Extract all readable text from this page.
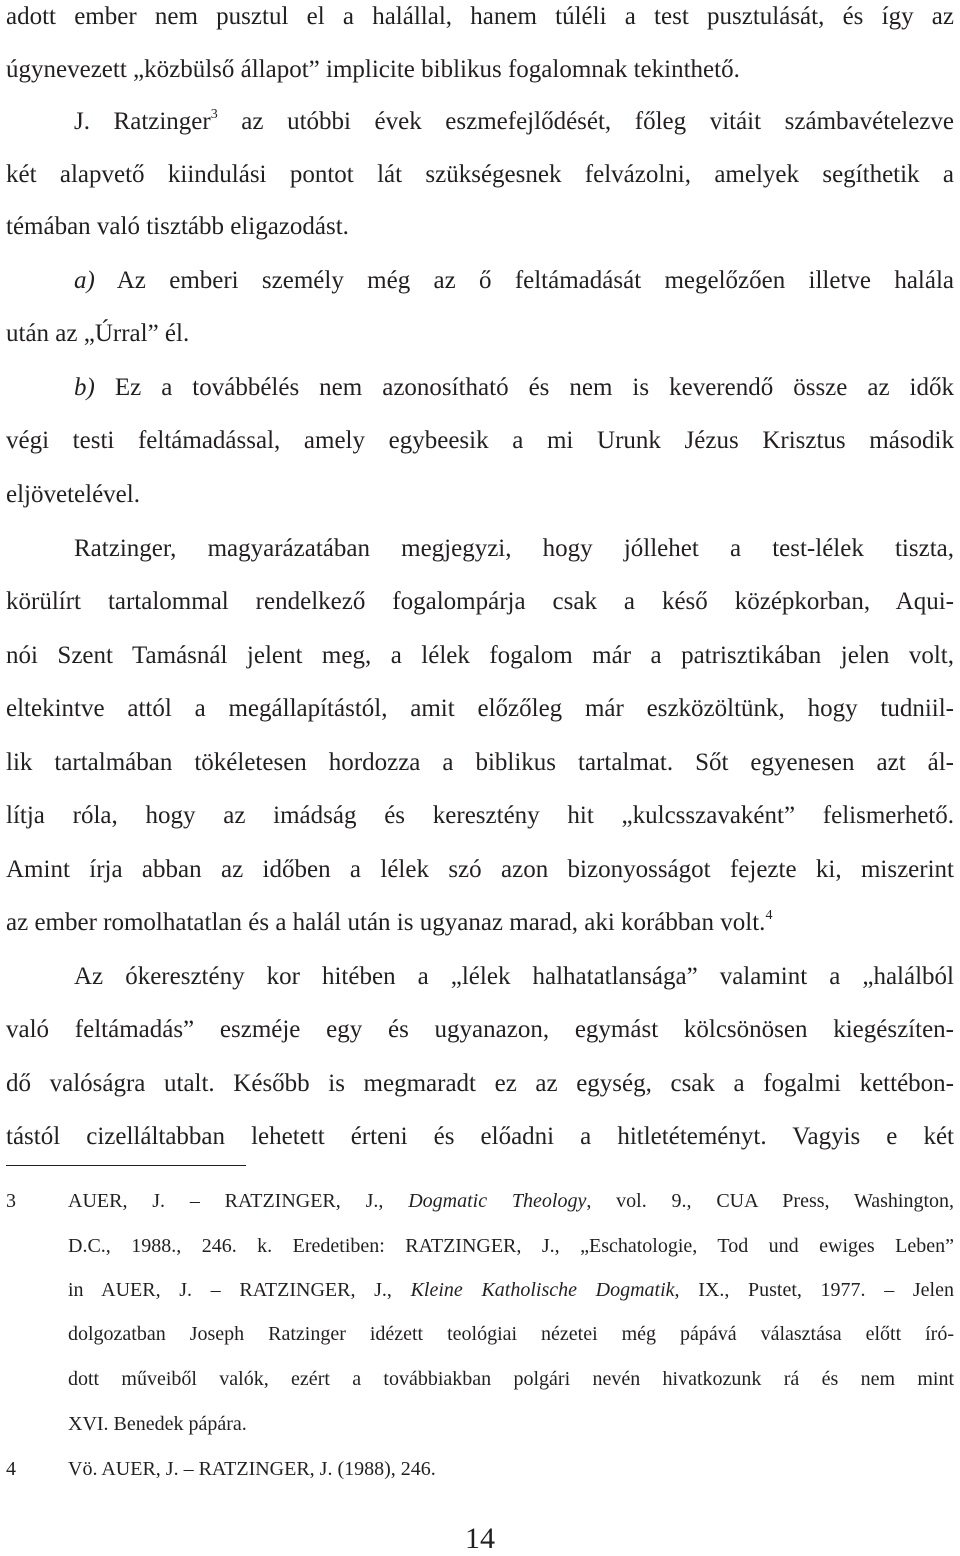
adott ember nem pusztul el a halállal, hanem túléli a test pusztulását, és így az
úgynevezett „közbülső állapot” implicite biblikus fogalomnak tekinthető.
J. Ratzinger$^3$ az utóbbi évek eszmefejlődését, főleg vitáit számbavételezve
két alapvető kiindulási pontot lát szükségesnek felvázolni, amelyek segíthetik a
témában való tisztább eligazodást.
a) Az emberi személy még az ő feltámadását megelőzően illetve halála
után az „Úrral” él.
b) Ez a továbbélés nem azonosítható és nem is keverendő össze az idők
végi testi feltámadással, amely egybeesik a mi Urunk Jézus Krisztus második
eljövetelével.
Ratzinger, magyarázatában megjegyzi, hogy jóllehet a test-lélek tiszta,
körülírt tartalommal rendelkező fogalompárja csak a késő középkorban, Aqui-
nói Szent Tamásnál jelent meg, a lélek fogalom már a patrisztikában jelen volt,
eltekintve attól a megállapítástól, amit előzőleg már eszközöltünk, hogy tudniil-
lik tartalmában tökéletesen hordozza a biblikus tartalmat. Sőt egyenesen azt ál-
lítja róla, hogy az imádság és keresztény hit „kulcsszavaként” felismerhető.
Amint írja abban az időben a lélek szó azon bizonyosságot fejezte ki, miszerint
az ember romolhatatlan és a halál után is ugyanaz marad, aki korábban volt.$^4$
Az ókeresztény kor hitében a „lélek halhatatlansága” valamint a „halálból
való feltámadás” eszméje egy és ugyanazon, egymást kölcsönösen kiegészíten-
dő valóságra utalt. Később is megmaradt ez az egység, csak a fogalmi kettébon-
tástól cizelláltabban lehetett érteni és előadni a hitletéteményt. Vagyis e két
3	AUER, J. – RATZINGER, J., Dogmatic Theology, vol. 9., CUA Press, Washington,
D.C., 1988., 246. k. Eredetiben: RATZINGER, J., „Eschatologie, Tod und ewiges Leben”
in AUER, J. – RATZINGER, J., Kleine Katholische Dogmatik, IX., Pustet, 1977. – Jelen
dolgozatban Joseph Ratzinger idézett teológiai nézetei még pápává választása előtt író-
dott műveiből valók, ezért a továbbiakban polgári nevén hivatkozunk rá és nem mint
XVI. Benedek pápára.
4	Vö. AUER, J. – RATZINGER, J. (1988), 246.
14
